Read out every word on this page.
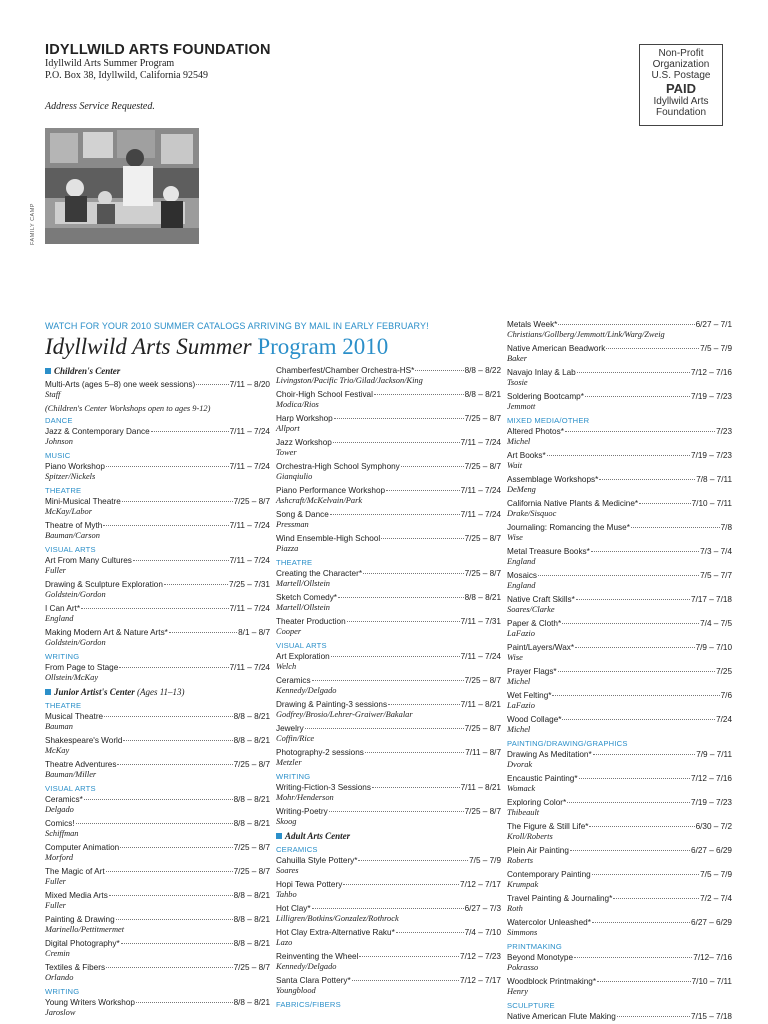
IDYLLWILD ARTS FOUNDATION
Idyllwild Arts Summer Program
P.O. Box 38, Idyllwild, California 92549
Address Service Requested.
Non-Profit
Organization
U.S. Postage
PAID
Idyllwild Arts
Foundation
FAMILY CAMP
WATCH FOR YOUR 2010 SUMMER CATALOGS ARRIVING BY MAIL IN EARLY FEBRUARY!
Idyllwild Arts Summer Program 2010
Children's Center
Multi-Arts (ages 5–8) one week sessions)	7/11 – 8/20
Staff
(Children's Center Workshops open to ages 9-12)
DANCE
Jazz & Contemporary Dance	7/11 – 7/24
Johnson
MUSIC
Piano Workshop	7/11 – 7/24
Spitzer/Nickels
THEATRE
Mini-Musical Theatre	7/25 – 8/7
McKay/Labor
Theatre of Myth	7/11 – 7/24
Bauman/Carson
VISUAL ARTS
Art From Many Cultures	7/11 – 7/24
Fuller
Drawing & Sculpture Exploration	7/25 – 7/31
Goldstein/Gordon
I Can Art*	7/11 – 7/24
England
Making Modern Art & Nature Arts*	8/1 – 8/7
Goldstein/Gordon
WRITING
From Page to Stage	7/11 – 7/24
Ollstein/McKay
Junior Artist's Center (Ages 11–13)
THEATRE
Musical Theatre	8/8 – 8/21
Bauman
Shakespeare's World	8/8 – 8/21
McKay
Theatre Adventures	7/25 – 8/7
Bauman/Miller
VISUAL ARTS
Ceramics*	8/8 – 8/21
Delgado
Comics!	8/8 – 8/21
Schiffman
Computer Animation	7/25 – 8/7
Morford
The Magic of Art	7/25 – 8/7
Fuller
Mixed Media Arts	8/8 – 8/21
Fuller
Painting & Drawing	8/8 – 8/21
Marinello/Pettitmermet
Digital Photography*	8/8 – 8/21
Cremin
Textiles & Fibers	7/25 – 8/7
Orlando
WRITING
Young Writers Workshop	8/8 – 8/21
Jaroslow
Chamberfest/Chamber Orchestra-HS*	8/8 – 8/22
Livingston/Pacific Trio/Gilad/Jackson/King
Choir-High School Festival	8/8 – 8/21
Modica/Rios
Harp Workshop	7/25 – 8/7
Allport
Jazz Workshop	7/11 – 7/24
Tower
Orchestra-High School Symphony	7/25 – 8/7
Gianqiulio
Piano Performance Workshop	7/11 – 7/24
Ashcraft/McKelvain/Park
Song & Dance	7/11 – 7/24
Pressman
Wind Ensemble-High School	7/25 – 8/7
Piazza
THEATRE
Creating the Character*	7/25 – 8/7
Martell/Ollstein
Sketch Comedy*	8/8 – 8/21
Martell/Ollstein
Theater Production	7/11 – 7/31
Cooper
VISUAL ARTS
Art Exploration	7/11 – 7/24
Welch
Ceramics	7/25 – 8/7
Kennedy/Delgado
Drawing & Painting-3 sessions	7/11 – 8/21
Godfrey/Brosio/Lehrer-Graiwer/Bakalar
Jewelry	7/25 – 8/7
Coffin/Rice
Photography-2 sessions	7/11 – 8/7
Metzler
WRITING
Writing-Fiction-3 Sessions	7/11 – 8/21
Mohr/Henderson
Writing-Poetry	7/25 – 8/7
Skoog
Adult Arts Center
CERAMICS
Cahuilla Style Pottery*	7/5 – 7/9
Soares
Hopi Tewa Pottery	7/12 – 7/17
Tahbo
Hot Clay*	6/27 – 7/3
Lilligren/Botkins/Gonzalez/Rothrock
Hot Clay Extra-Alternative Raku*	7/4 – 7/10
Lazo
Reinventing the Wheel	7/12 – 7/23
Kennedy/Delgado
Santa Clara Pottery*	7/12 – 7/17
Youngblood
FABRICS/FIBERS
Metals Week*	6/27 – 7/1
Christians/Gollberg/Jemmott/Link/Warg/Zweig
Native American Beadwork	7/5 – 7/9
Baker
Navajo Inlay & Lab	7/12 – 7/16
Tsosie
Soldering Bootcamp*	7/19 – 7/23
Jemmott
MIXED MEDIA/OTHER
Altered Photos*	7/23
Michel
Art Books*	7/19 – 7/23
Wait
Assemblage Workshops*	7/8 – 7/11
DeMeng
California Native Plants & Medicine*	7/10 – 7/11
Drake/Sisquoc
Journaling: Romancing the Muse*	7/8
Wise
Metal Treasure Books*	7/3 – 7/4
England
Mosaics	7/5 – 7/7
England
Native Craft Skills*	7/17 – 7/18
Soares/Clarke
Paper & Cloth*	7/4 – 7/5
LaFazio
Paint/Layers/Wax*	7/9 – 7/10
Wise
Prayer Flags*	7/25
Michel
Wet Felting*	7/6
LaFazio
Wood Collage*	7/24
Michel
PAINTING/DRAWING/GRAPHICS
Drawing As Meditation*	7/9 – 7/11
Dvorak
Encaustic Painting*	7/12 – 7/16
Womack
Exploring Color*	7/19 – 7/23
Thibeault
The Figure & Still Life*	6/30 – 7/2
Kroll/Roberts
Plein Air Painting	6/27 – 6/29
Roberts
Contemporary Painting	7/5 – 7/9
Krumpak
Travel Painting & Journaling*	7/2 – 7/4
Roth
Watercolor Unleashed*	6/27 – 6/29
Simmons
PRINTMAKING
Beyond Monotype	7/12– 7/16
Pokrasso
Woodblock Printmaking*	7/10 – 7/11
Henry
SCULPTURE
Native American Flute Making	7/15 – 7/18
